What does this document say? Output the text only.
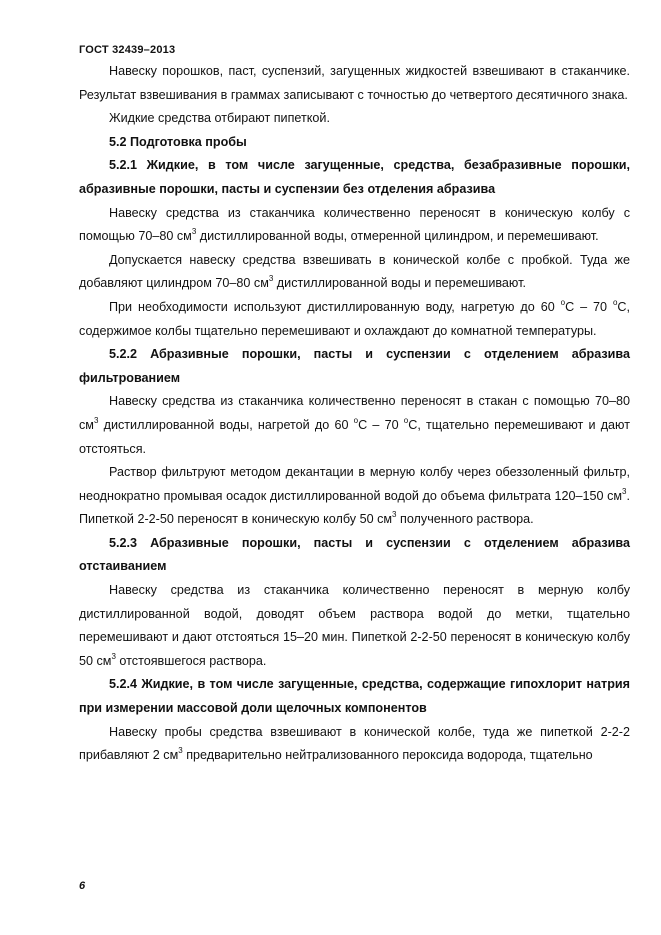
ГОСТ 32439–2013

Навеску порошков, паст, суспензий, загущенных жидкостей взвешивают в стаканчике. Результат взвешивания в граммах записывают с точностью до четвертого десятичного знака.

Жидкие средства отбирают пипеткой.

5.2 Подготовка пробы

5.2.1 Жидкие, в том числе загущенные, средства, безабразивные порошки, абразивные порошки, пасты и суспензии без отделения абразива

Навеску средства из стаканчика количественно переносят в коническую колбу с помощью 70–80 $см^3$ дистиллированной воды, отмеренной цилиндром, и перемешивают.

Допускается навеску средства взвешивать в конической колбе с пробкой. Туда же добавляют цилиндром 70–80 $см^3$ дистиллированной воды и перемешивают.

При необходимости используют дистиллированную воду, нагретую до 60 $^о$С – 70 $^о$С, содержимое колбы тщательно перемешивают и охлаждают до комнатной температуры.

5.2.2 Абразивные порошки, пасты и суспензии с отделением абразива фильтрованием

Навеску средства из стаканчика количественно переносят в стакан с помощью 70–80 $см^3$ дистиллированной воды, нагретой до 60 $^о$С – 70 $^о$С, тщательно перемешивают и дают отстояться.

Раствор фильтруют методом декантации в мерную колбу через обеззоленный фильтр, неоднократно промывая осадок дистиллированной водой до объема фильтрата 120–150 $см^3$. Пипеткой 2-2-50 переносят в коническую колбу 50 $см^3$ полученного раствора.

5.2.3 Абразивные порошки, пасты и суспензии с отделением абразива отстаиванием

Навеску средства из стаканчика количественно переносят в мерную колбу дистиллированной водой, доводят объем раствора водой до метки, тщательно перемешивают и дают отстояться 15–20 мин. Пипеткой 2-2-50 переносят в коническую колбу 50 $см^3$ отстоявшегося раствора.

5.2.4 Жидкие, в том числе загущенные, средства, содержащие гипохлорит натрия при измерении массовой доли щелочных компонентов

Навеску пробы средства взвешивают в конической колбе, туда же пипеткой 2-2-2 прибавляют 2 $см^3$ предварительно нейтрализованного пероксида водорода, тщательно

6
